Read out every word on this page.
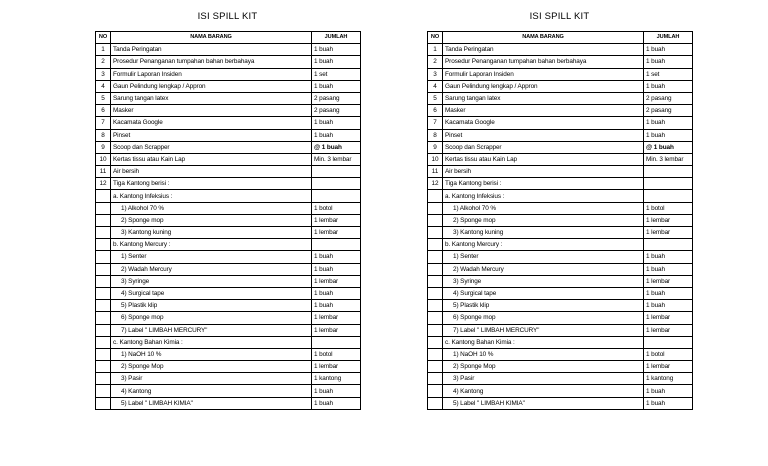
ISI SPILL KIT
NO	NAMA BARANG	JUMLAH
1	Tanda Peringatan	1 buah
2	Prosedur Penanganan tumpahan bahan berbahaya	1 buah
3	Formulir Laporan Insiden	1 set
4	Gaun Pelindung lengkap / Appron	1 buah
5	Sarung tangan latex	2 pasang
6	Masker	2 pasang
7	Kacamata Google	1 buah
8	Pinset	1 buah
9	Scoop dan Scrapper	@ 1 buah
10	Kertas tissu atau Kain Lap	Min. 3 lembar
11	Air bersih	
12	Tiga Kantong berisi :	
	a. Kantong Infeksius :	
	1) Alkohol 70 %	1 botol
	2) Sponge mop	1 lembar
	3) Kantong kuning	1 lembar
	b. Kantong Mercury :	
	1) Senter	1 buah
	2) Wadah Mercury	1 buah
	3) Syringe	1 lembar
	4) Surgical tape	1 buah
	5) Plastik klip	1 buah
	6) Sponge mop	1 lembar
	7) Label " LIMBAH MERCURY"	1 lembar
	c. Kantong Bahan Kimia :	
	1) NaOH 10 %	1 botol
	2) Sponge Mop	1 lembar
	3) Pasir	1 kantong
	4) Kantong	1 buah
	5) Label " LIMBAH KIMIA"	1 buah
ISI SPILL KIT
NO	NAMA BARANG	JUMLAH
1	Tanda Peringatan	1 buah
2	Prosedur Penanganan tumpahan bahan berbahaya	1 buah
3	Formulir Laporan Insiden	1 set
4	Gaun Pelindung lengkap / Appron	1 buah
5	Sarung tangan latex	2 pasang
6	Masker	2 pasang
7	Kacamata Google	1 buah
8	Pinset	1 buah
9	Scoop dan Scrapper	@ 1 buah
10	Kertas tissu atau Kain Lap	Min. 3 lembar
11	Air bersih	
12	Tiga Kantong berisi :	
	a. Kantong Infeksius :	
	1) Alkohol 70 %	1 botol
	2) Sponge mop	1 lembar
	3) Kantong kuning	1 lembar
	b. Kantong Mercury :	
	1) Senter	1 buah
	2) Wadah Mercury	1 buah
	3) Syringe	1 lembar
	4) Surgical tape	1 buah
	5) Plastik klip	1 buah
	6) Sponge mop	1 lembar
	7) Label " LIMBAH MERCURY"	1 lembar
	c. Kantong Bahan Kimia :	
	1) NaOH 10 %	1 botol
	2) Sponge Mop	1 lembar
	3) Pasir	1 kantong
	4) Kantong	1 buah
	5) Label " LIMBAH KIMIA"	1 buah
